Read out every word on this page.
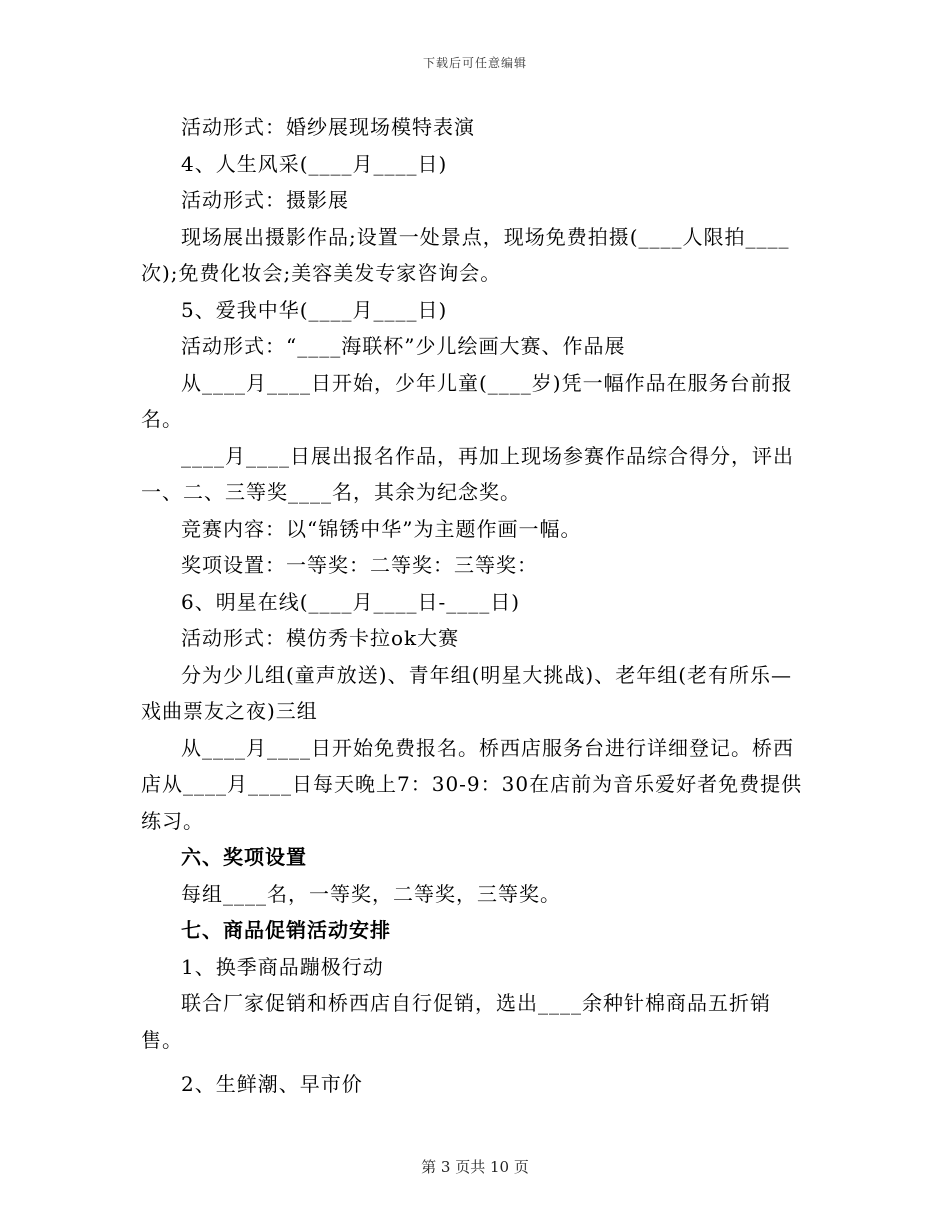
下载后可任意编辑

活动形式：婚纱展现场模特表演

4、人生风采(____月____日)

活动形式：摄影展

现场展出摄影作品;设置一处景点，现场免费拍摄(____人限拍____次);免费化妆会;美容美发专家咨询会。

5、爱我中华(____月____日)

活动形式：“____海联杯”少儿绘画大赛、作品展

从____月____日开始，少年儿童(____岁)凭一幅作品在服务台前报名。

____月____日展出报名作品，再加上现场参赛作品综合得分，评出一、二、三等奖____名，其余为纪念奖。

竞赛内容：以“锦锈中华”为主题作画一幅。

奖项设置：一等奖：二等奖：三等奖：

6、明星在线(____月____日-____日)

活动形式：模仿秀卡拉ok大赛

分为少儿组(童声放送)、青年组(明星大挑战)、老年组(老有所乐—戏曲票友之夜)三组

从____月____日开始免费报名。桥西店服务台进行详细登记。桥西店从____月____日每天晚上7：30-9：30在店前为音乐爱好者免费提供练习。

六、奖项设置

每组____名，一等奖，二等奖，三等奖。

七、商品促销活动安排

1、换季商品蹦极行动

联合厂家促销和桥西店自行促销，选出____余种针棉商品五折销售。

2、生鲜潮、早市价

第 3 页共 10 页
